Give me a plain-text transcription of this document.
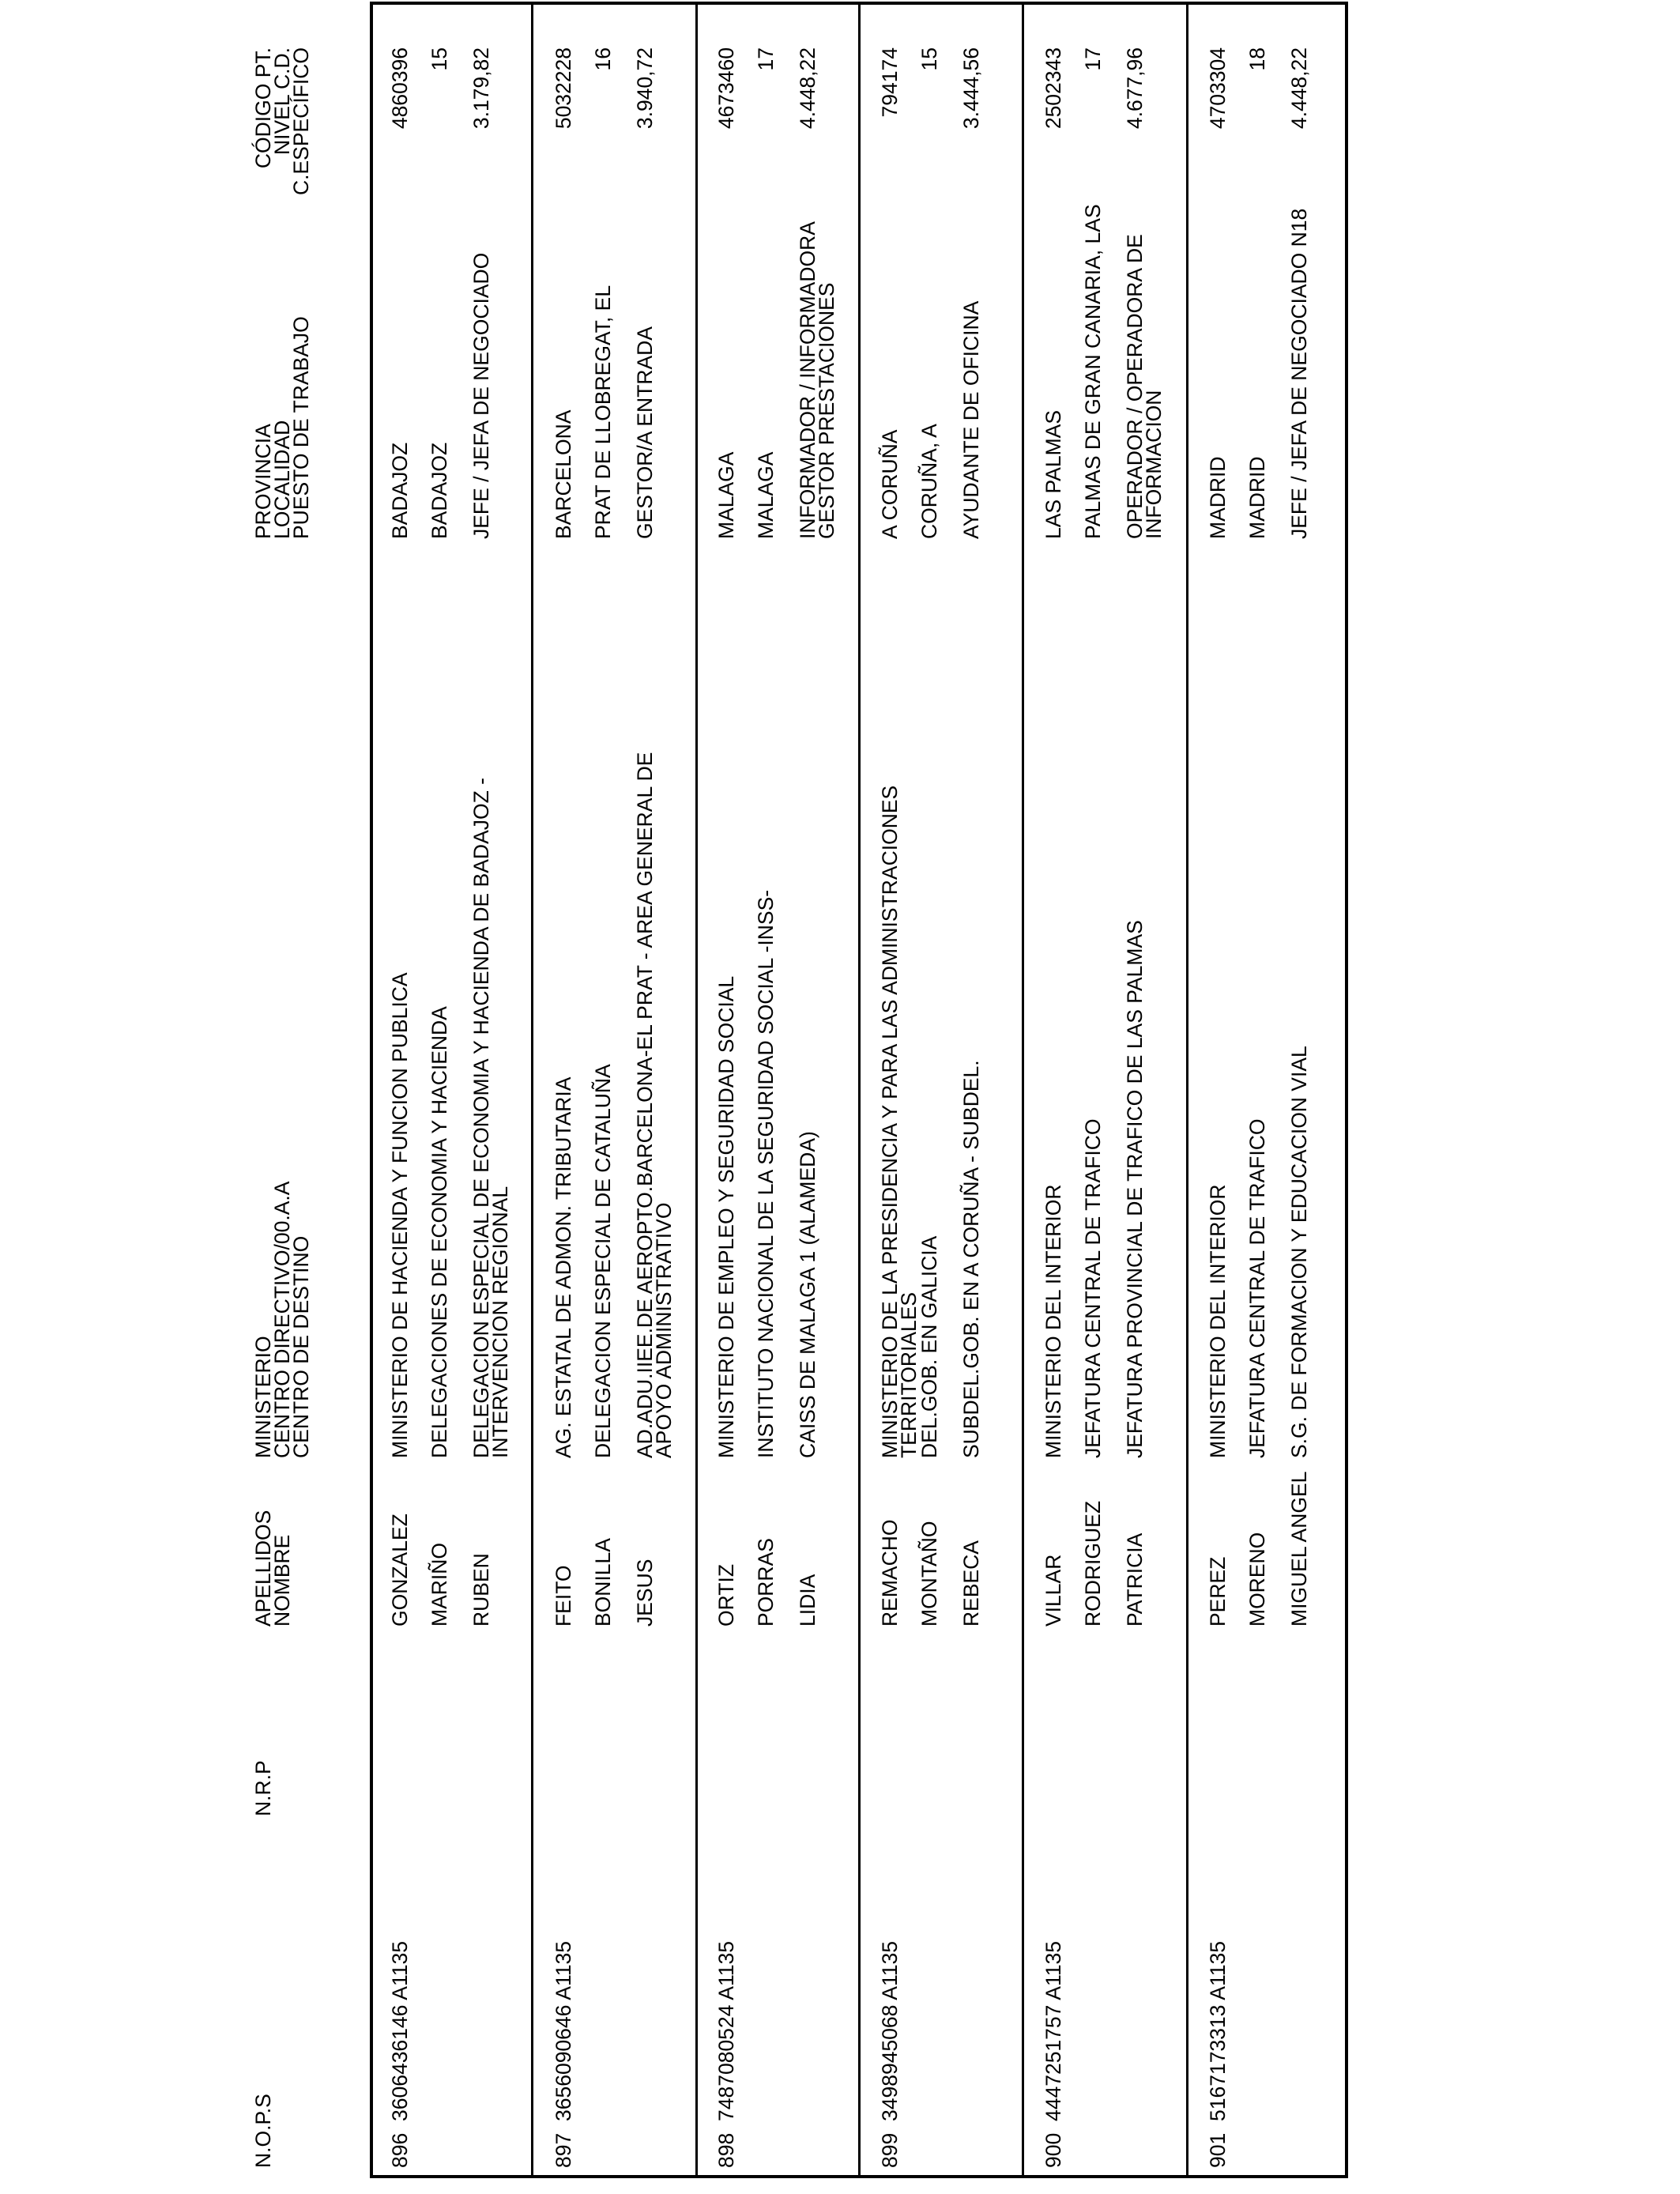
N.O.P.S
N.R.P
APELLIDOS
NOMBRE
MINISTERIO
CENTRO DIRECTIVO/00.A.A
CENTRO DE DESTINO
PROVINCIA
LOCALIDAD
PUESTO DE TRABAJO
CÓDIGO PT.
NIVEL C.D.
C.ESPECÍFICO
896
3606436146 A1135
GONZALEZ MARIÑO RUBEN
MINISTERIO DE HACIENDA Y FUNCION PUBLICA DELEGACIONES DE ECONOMIA Y HACIENDA DELEGACION ESPECIAL DE ECONOMIA Y HACIENDA DE BADAJOZ -
INTERVENCION REGIONAL
BADAJOZ BADAJOZ JEFE / JEFA DE NEGOCIADO
4860396 15 3.179,82
897
3656090646 A1135
FEITO BONILLA JESUS
AG. ESTATAL DE ADMON. TRIBUTARIA DELEGACION ESPECIAL DE CATALUÑA AD.ADU.IIEE.DE AEROPTO.BARCELONA-EL PRAT - AREA GENERAL DE
APOYO ADMINISTRATIVO
BARCELONA PRAT DE LLOBREGAT, EL GESTOR/A ENTRADA
5032228 16 3.940,72
898
7487080524 A1135
ORTIZ PORRAS LIDIA
MINISTERIO DE EMPLEO Y SEGURIDAD SOCIAL INSTITUTO NACIONAL DE LA SEGURIDAD SOCIAL -INSS- CAISS DE MALAGA 1 (ALAMEDA)
MALAGA MALAGA INFORMADOR / INFORMADORA
GESTOR PRESTACIONES
4673460 17 4.448,22
899
3498945068 A1135
REMACHO MONTAÑO REBECA
MINISTERIO DE LA PRESIDENCIA Y PARA LAS ADMINISTRACIONES
TERRITORIALES
DEL.GOB. EN GALICIA SUBDEL.GOB. EN A CORUÑA - SUBDEL.
A CORUÑA CORUÑA, A AYUDANTE DE OFICINA
794174 15 3.444,56
900
4447251757 A1135
VILLAR RODRIGUEZ PATRICIA
MINISTERIO DEL INTERIOR JEFATURA CENTRAL DE TRAFICO JEFATURA PROVINCIAL DE TRAFICO DE LAS PALMAS
LAS PALMAS PALMAS DE GRAN CANARIA, LAS OPERADOR / OPERADORA DE
INFORMACION
2502343 17 4.677,96
901
5167173313 A1135
PEREZ MORENO MIGUEL ANGEL
MINISTERIO DEL INTERIOR JEFATURA CENTRAL DE TRAFICO S.G. DE FORMACION Y EDUCACION VIAL
MADRID MADRID JEFE / JEFA DE NEGOCIADO N18
4703304 18 4.448,22
